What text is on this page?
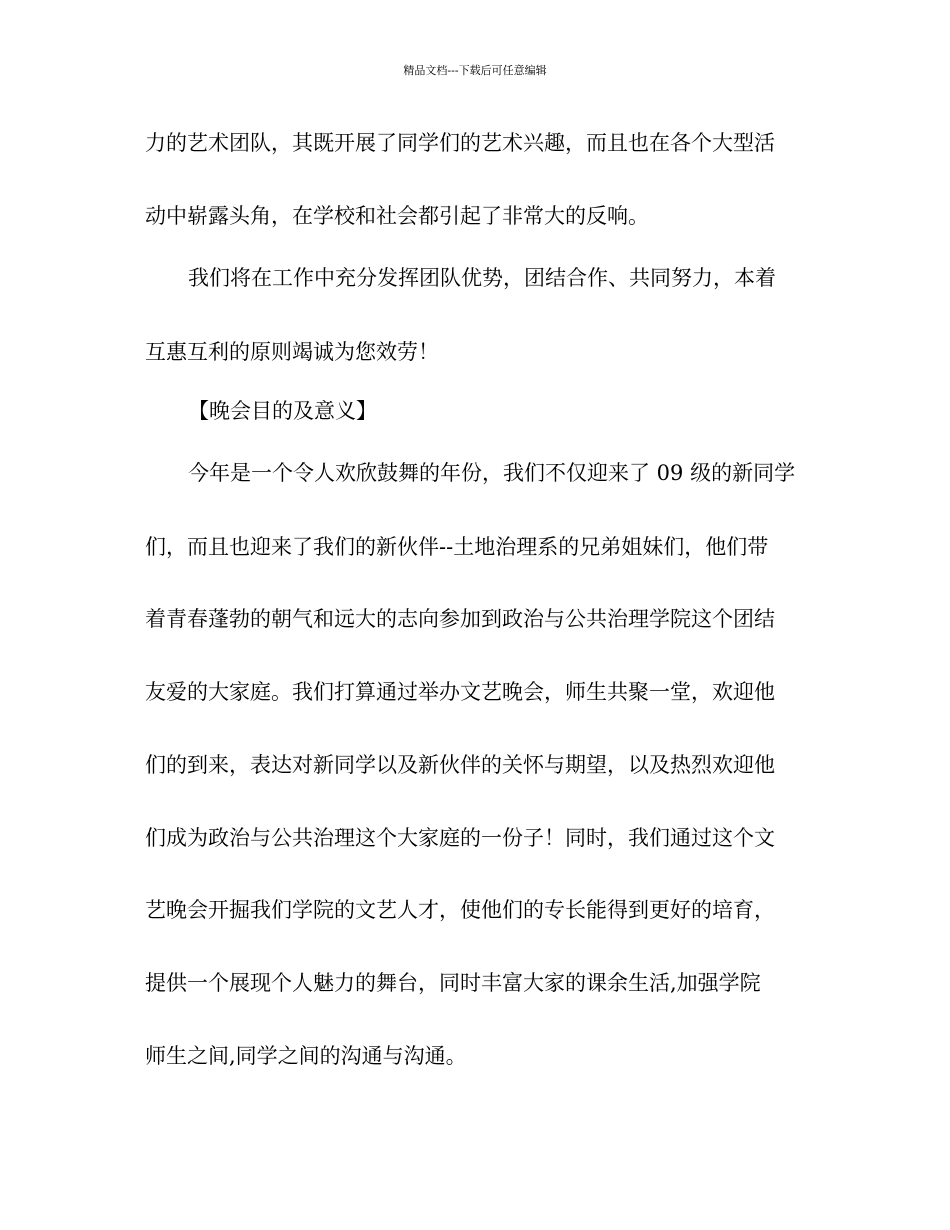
精品文档---下载后可任意编辑
力的艺术团队，其既开展了同学们的艺术兴趣，而且也在各个大型活
动中崭露头角，在学校和社会都引起了非常大的反响。
我们将在工作中充分发挥团队优势，团结合作、共同努力，本着
互惠互利的原则竭诚为您效劳！
【晚会目的及意义】
今年是一个令人欢欣鼓舞的年份，我们不仅迎来了 09 级的新同学
们，而且也迎来了我们的新伙伴--土地治理系的兄弟姐妹们，他们带
着青春蓬勃的朝气和远大的志向参加到政治与公共治理学院这个团结
友爱的大家庭。我们打算通过举办文艺晚会，师生共聚一堂，欢迎他
们的到来，表达对新同学以及新伙伴的关怀与期望，以及热烈欢迎他
们成为政治与公共治理这个大家庭的一份子！同时，我们通过这个文
艺晚会开掘我们学院的文艺人才，使他们的专长能得到更好的培育，
提供一个展现个人魅力的舞台，同时丰富大家的课余生活,加强学院
师生之间,同学之间的沟通与沟通。
